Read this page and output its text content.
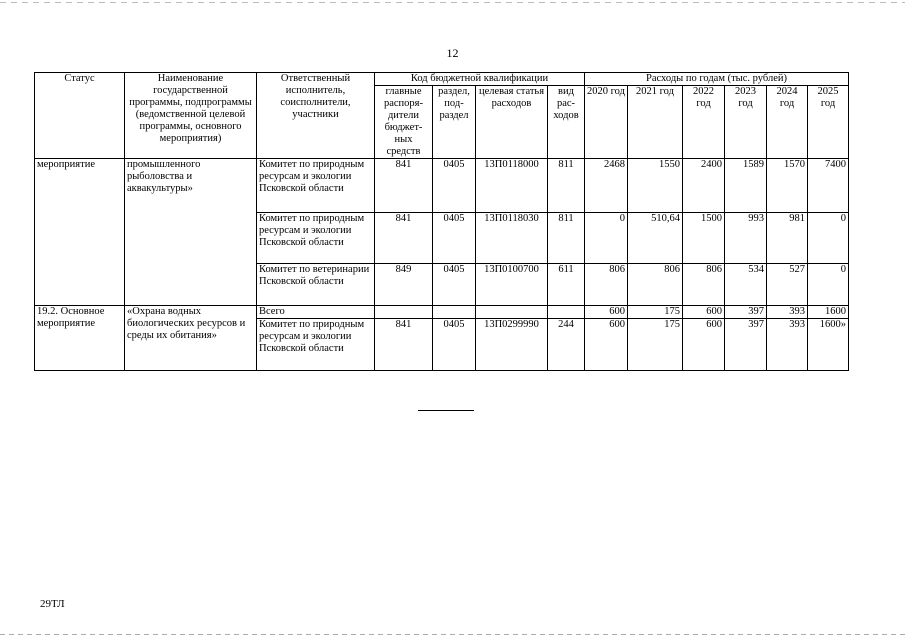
12
Статус	Наименование государственной программы, подпрограммы (ведомственной целевой программы, основного мероприятия)	Ответственный исполнитель, соисполнители, участники	Код бюджетной квалификации				Расходы по годам (тыс. рублей)					
			главные распоря-дители бюджет-ных средств	раздел, под-раздел	целевая статья расходов	вид рас-ходов	2020 год	2021 год	2022 год	2023 год	2024 год	2025 год
мероприятие	промышленного рыболовства и аквакультуры»	Комитет по природным ресурсам и экологии Псковской области	841	0405	13П0118000	811	2468	1550	2400	1589	1570	7400
		Комитет по природным ресурсам и экологии Псковской области	841	0405	13П0118030	811	0	510,64	1500	993	981	0
		Комитет по ветеринарии Псковской области	849	0405	13П0100700	611	806	806	806	534	527	0
19.2. Основное мероприятие	«Охрана водных биологических ресурсов и среды их обитания»	Всего					600	175	600	397	393	1600
		Комитет по природным ресурсам и экологии Псковской области	841	0405	13П0299990	244	600	175	600	397	393	1600»
29ТЛ
